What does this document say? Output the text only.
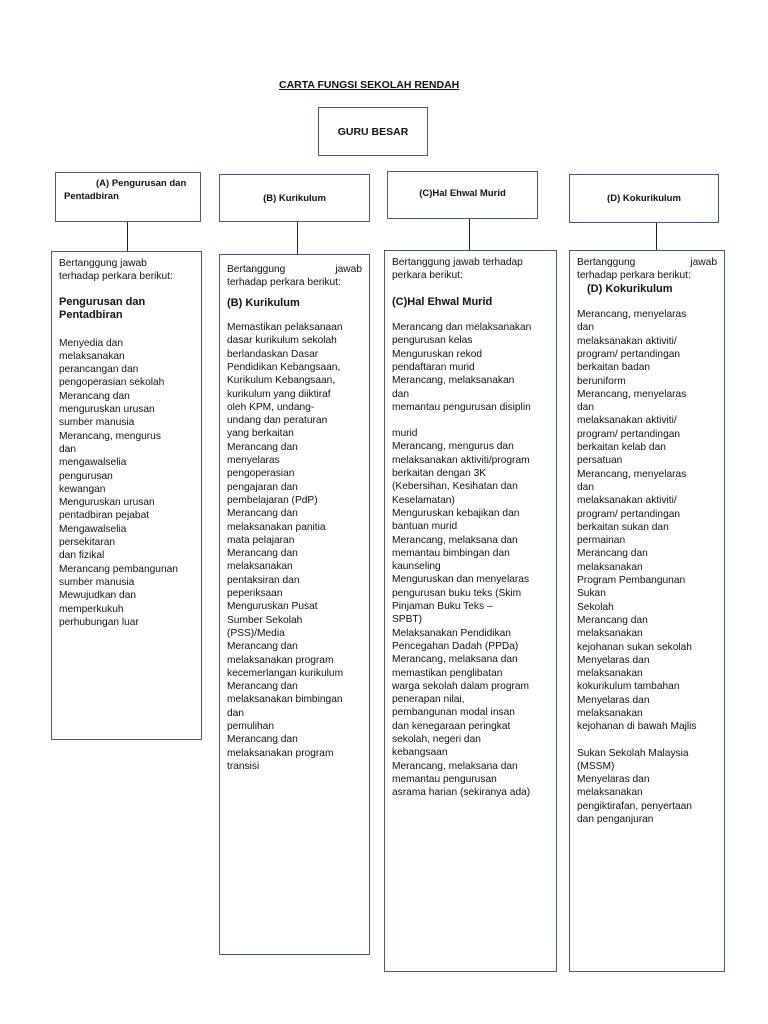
CARTA FUNGSI SEKOLAH RENDAH
GURU BESAR
(A) Pengurusan dan
Pentadbiran	(B) Kurikulum	(C)Hal Ehwal Murid	(D) Kokurikulum

Bertanggung jawab

terhadap perkara berikut:

Pengurusan dan

Pentadbiran

Menyedia dan

melaksanakan

perancangan dan

pengoperasian sekolah

Merancang dan

menguruskan urusan

sumber manusia

Merancang, mengurus

dan

mengawalselia

pengurusan

kewangan

Menguruskan urusan

pentadbiran pejabat

Mengawalselia

persekitaran

dan fizikal

Merancang pembangunan

sumber manusia

Mewujudkan dan

memperkukuh

perhubungan luar

Bertanggung jawab

terhadap perkara berikut:

(B) Kurikulum

Memastikan pelaksanaan

dasar kurikulum sekolah

berlandaskan Dasar

Pendidikan Kebangsaan,

Kurikulum Kebangsaan,

kurikulum yang diiktiraf

oleh KPM, undang-

undang dan peraturan

yang berkaitan

Merancang dan

menyelaras

pengoperasian

pengajaran dan

pembelajaran (PdP)

Merancang dan

melaksanakan panitia

mata pelajaran

Merancang dan

melaksanakan

pentaksiran dan

peperiksaan

Menguruskan Pusat

Sumber Sekolah

(PSS)/Media

Merancang dan

melaksanakan program

kecemerlangan kurikulum

Merancang dan

melaksanakan bimbingan

dan

pemulihan

Merancang dan

melaksanakan program

transisi

Bertanggung jawab terhadap

perkara berikut:

(C)Hal Ehwal Murid

Merancang dan melaksanakan

pengurusan kelas

Menguruskan rekod

pendaftaran murid

Merancang, melaksanakan

dan

memantau pengurusan disiplin

murid

Merancang, mengurus dan

melaksanakan aktiviti/program

berkaitan dengan 3K

(Kebersihan, Kesihatan dan

Keselamatan)

Menguruskan kebajikan dan

bantuan murid

Merancang, melaksana dan

memantau bimbingan dan

kaunseling

Menguruskan dan menyelaras

pengurusan buku teks (Skim

Pinjaman Buku Teks –

SPBT)

Melaksanakan Pendidikan

Pencegahan Dadah (PPDa)

Merancang, melaksana dan

memastikan penglibatan

warga sekolah dalam program

penerapan nilai,

pembangunan modal insan

dan kenegaraan peringkat

sekolah, negeri dan

kebangsaan

Merancang, melaksana dan

memantau pengurusan

asrama harian (sekiranya ada)

Bertanggung jawab

terhadap perkara berikut:

(D) Kokurikulum

Merancang, menyelaras

dan

melaksanakan aktiviti/

program/ pertandingan

berkaitan badan

beruniform

Merancang, menyelaras

dan

melaksanakan aktiviti/

program/ pertandingan

berkaitan kelab dan

persatuan

Merancang, menyelaras

dan

melaksanakan aktiviti/

program/ pertandingan

berkaitan sukan dan

permainan

Merancang dan

melaksanakan

Program Pembangunan

Sukan

Sekolah

Merancang dan

melaksanakan

kejohanan sukan sekolah

Menyelaras dan

melaksanakan

kokurikulum tambahan

Menyelaras dan

melaksanakan

kejohanan di bawah Majlis

Sukan Sekolah Malaysia

(MSSM)

Menyelaras dan

melaksanakan

pengiktirafan, penyertaan

dan penganjuran
